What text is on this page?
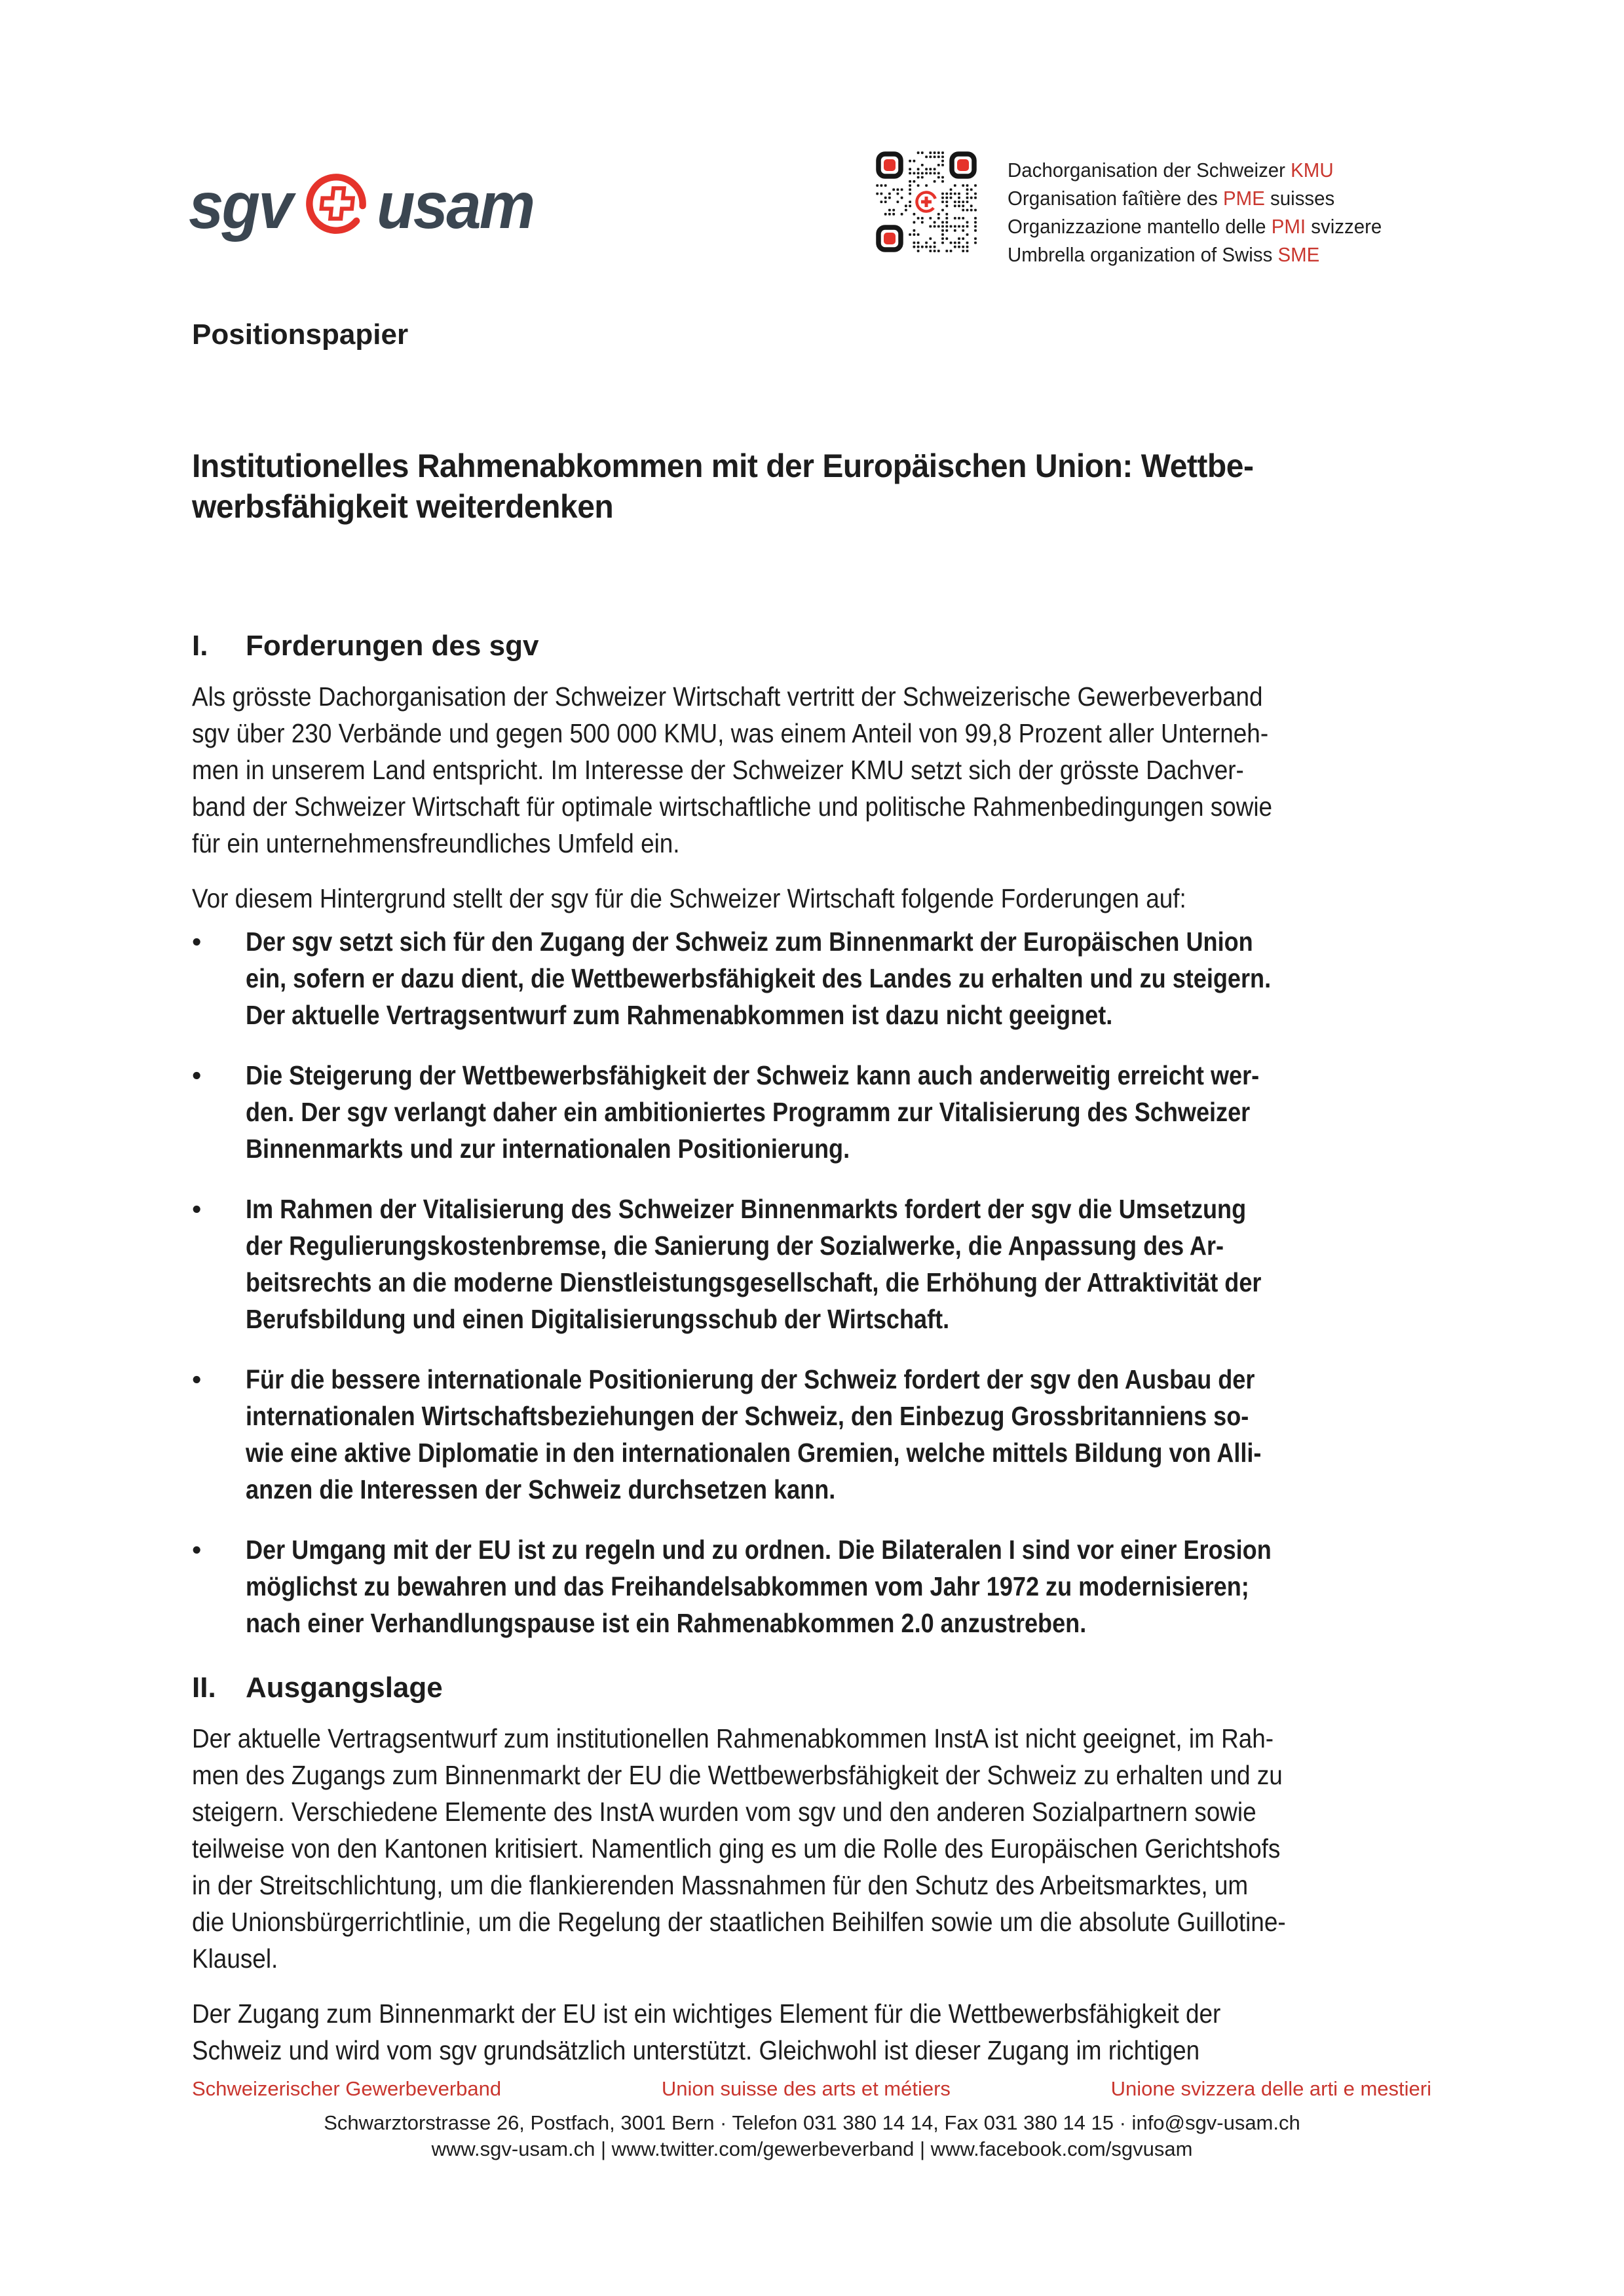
sgv usam	Dachorganisation der Schweizer KMU
Organisation faîtière des PME suisses
Organizzazione mantello delle PMI svizzere
Umbrella organization of Swiss SME
Positionspapier
Institutionelles Rahmenabkommen mit der Europäischen Union: Wettbe-
werbsfähigkeit weiterdenken
I.	Forderungen des sgv
Als grösste Dachorganisation der Schweizer Wirtschaft vertritt der Schweizerische Gewerbeverband
sgv über 230 Verbände und gegen 500 000 KMU, was einem Anteil von 99,8 Prozent aller Unterneh-
men in unserem Land entspricht. Im Interesse der Schweizer KMU setzt sich der grösste Dachver-
band der Schweizer Wirtschaft für optimale wirtschaftliche und politische Rahmenbedingungen sowie
für ein unternehmensfreundliches Umfeld ein.
Vor diesem Hintergrund stellt der sgv für die Schweizer Wirtschaft folgende Forderungen auf:
•	Der sgv setzt sich für den Zugang der Schweiz zum Binnenmarkt der Europäischen Union
ein, sofern er dazu dient, die Wettbewerbsfähigkeit des Landes zu erhalten und zu steigern.
Der aktuelle Vertragsentwurf zum Rahmenabkommen ist dazu nicht geeignet.
•	Die Steigerung der Wettbewerbsfähigkeit der Schweiz kann auch anderweitig erreicht wer-
den. Der sgv verlangt daher ein ambitioniertes Programm zur Vitalisierung des Schweizer
Binnenmarkts und zur internationalen Positionierung.
•	Im Rahmen der Vitalisierung des Schweizer Binnenmarkts fordert der sgv die Umsetzung
der Regulierungskostenbremse, die Sanierung der Sozialwerke, die Anpassung des Ar-
beitsrechts an die moderne Dienstleistungsgesellschaft, die Erhöhung der Attraktivität der
Berufsbildung und einen Digitalisierungsschub der Wirtschaft.
•	Für die bessere internationale Positionierung der Schweiz fordert der sgv den Ausbau der
internationalen Wirtschaftsbeziehungen der Schweiz, den Einbezug Grossbritanniens so-
wie eine aktive Diplomatie in den internationalen Gremien, welche mittels Bildung von Alli-
anzen die Interessen der Schweiz durchsetzen kann.
•	Der Umgang mit der EU ist zu regeln und zu ordnen. Die Bilateralen I sind vor einer Erosion
möglichst zu bewahren und das Freihandelsabkommen vom Jahr 1972 zu modernisieren;
nach einer Verhandlungspause ist ein Rahmenabkommen 2.0 anzustreben.
II.	Ausgangslage
Der aktuelle Vertragsentwurf zum institutionellen Rahmenabkommen InstA ist nicht geeignet, im Rah-
men des Zugangs zum Binnenmarkt der EU die Wettbewerbsfähigkeit der Schweiz zu erhalten und zu
steigern. Verschiedene Elemente des InstA wurden vom sgv und den anderen Sozialpartnern sowie
teilweise von den Kantonen kritisiert. Namentlich ging es um die Rolle des Europäischen Gerichtshofs
in der Streitschlichtung, um die flankierenden Massnahmen für den Schutz des Arbeitsmarktes, um
die Unionsbürgerrichtlinie, um die Regelung der staatlichen Beihilfen sowie um die absolute Guillotine-
Klausel.
Der Zugang zum Binnenmarkt der EU ist ein wichtiges Element für die Wettbewerbsfähigkeit der
Schweiz und wird vom sgv grundsätzlich unterstützt. Gleichwohl ist dieser Zugang im richtigen
Schweizerischer Gewerbeverband	Union suisse des arts et métiers	Unione svizzera delle arti e mestieri
Schwarztorstrasse 26, Postfach, 3001 Bern · Telefon 031 380 14 14, Fax 031 380 14 15 · info@sgv-usam.ch
www.sgv-usam.ch | www.twitter.com/gewerbeverband | www.facebook.com/sgvusam
